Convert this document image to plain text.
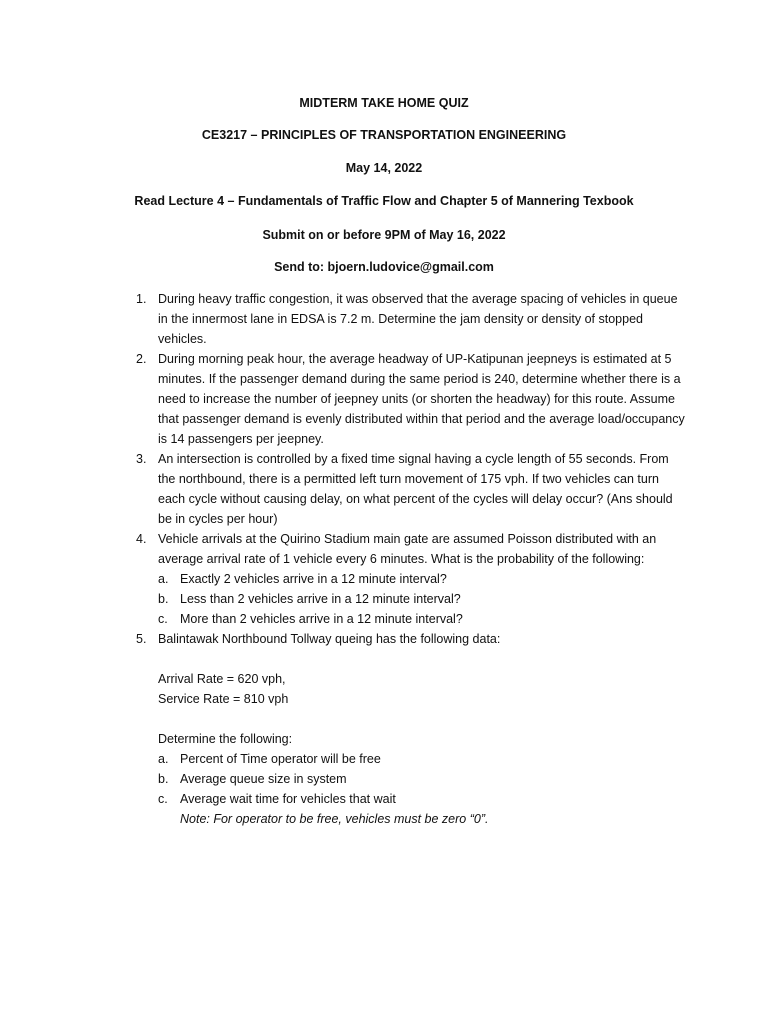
MIDTERM TAKE HOME QUIZ
CE3217 – PRINCIPLES OF TRANSPORTATION ENGINEERING
May 14, 2022
Read Lecture 4 – Fundamentals of Traffic Flow and Chapter 5 of Mannering Texbook
Submit on or before 9PM of May 16, 2022
Send to: bjoern.ludovice@gmail.com
1. During heavy traffic congestion, it was observed that the average spacing of vehicles in queue in the innermost lane in EDSA is 7.2 m. Determine the jam density or density of stopped vehicles.
2. During morning peak hour, the average headway of UP-Katipunan jeepneys is estimated at 5 minutes. If the passenger demand during the same period is 240, determine whether there is a need to increase the number of jeepney units (or shorten the headway) for this route. Assume that passenger demand is evenly distributed within that period and the average load/occupancy is 14 passengers per jeepney.
3. An intersection is controlled by a fixed time signal having a cycle length of 55 seconds. From the northbound, there is a permitted left turn movement of 175 vph. If two vehicles can turn each cycle without causing delay, on what percent of the cycles will delay occur? (Ans should be in cycles per hour)
4. Vehicle arrivals at the Quirino Stadium main gate are assumed Poisson distributed with an average arrival rate of 1 vehicle every 6 minutes. What is the probability of the following:
a. Exactly 2 vehicles arrive in a 12 minute interval?
b. Less than 2 vehicles arrive in a 12 minute interval?
c. More than 2 vehicles arrive in a 12 minute interval?
5. Balintawak Northbound Tollway queing has the following data:
Arrival Rate = 620 vph,
Service Rate = 810 vph
Determine the following:
a. Percent of Time operator will be free
b. Average queue size in system
c. Average wait time for vehicles that wait
Note: For operator to be free, vehicles must be zero “0”.
